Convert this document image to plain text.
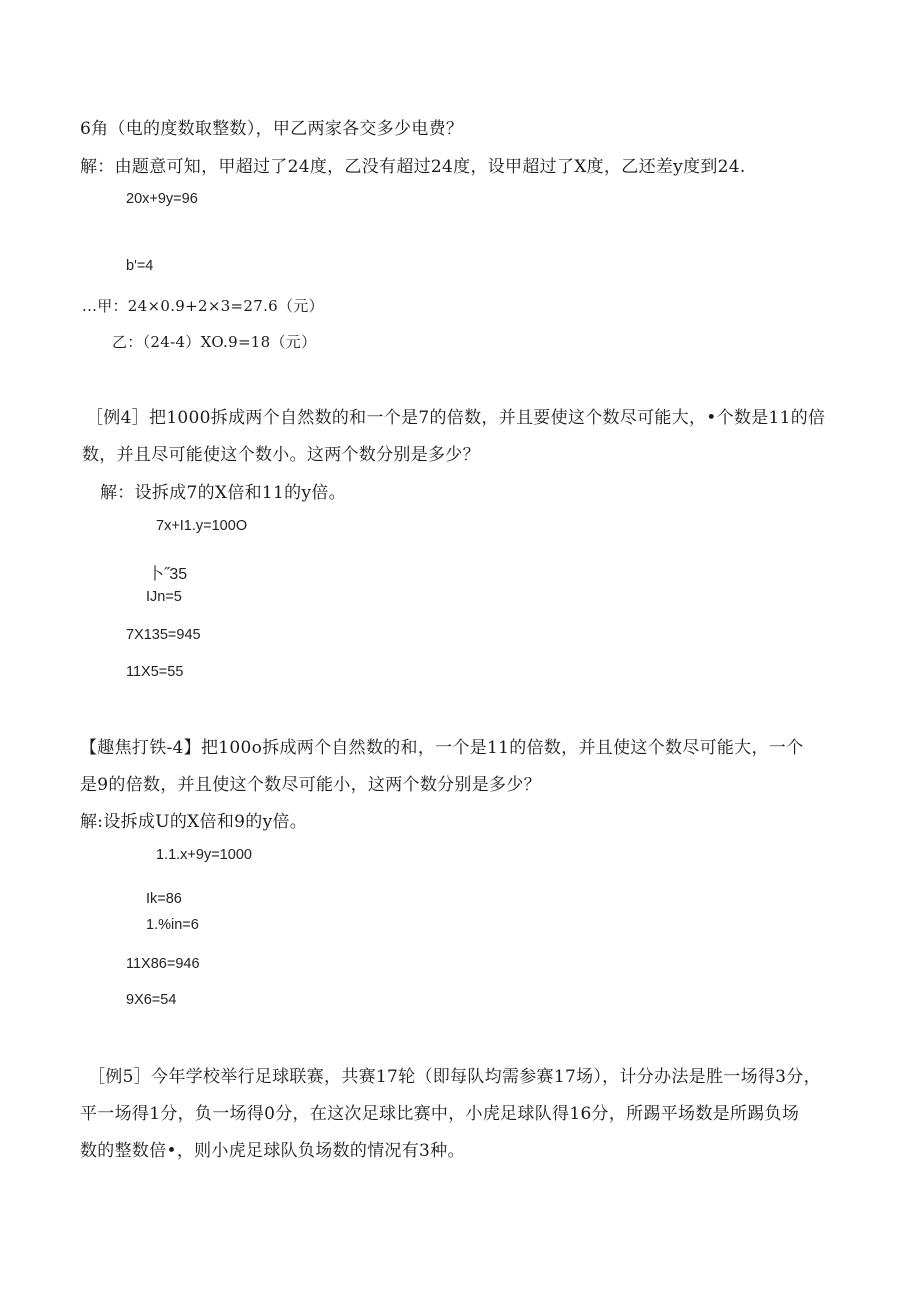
6角（电的度数取整数），甲乙两家各交多少电费？
解：由题意可知，甲超过了24度，乙没有超过24度，设甲超过了X度，乙还差y度到24.
20x+9y=96
b'=4
...甲：24×0.9+2×3=27.6（元）
乙：（24-4）XO.9=18（元）
［例4］把1000拆成两个自然数的和一个是7的倍数，并且要使这个数尽可能大，•个数是11的倍
数，并且尽可能使这个数小。这两个数分别是多少？
解：设拆成7的X倍和11的y倍。
7x+I1.y=100O
卜˝35
IJn=5
7X135=945
11X5=55
【趣焦打铁-4】把100o拆成两个自然数的和，一个是11的倍数，并且使这个数尽可能大，一个
是9的倍数，并且使这个数尽可能小，这两个数分别是多少？
解:设拆成U的X倍和9的y倍。
1.1.x+9y=1000
Ik=86
1.%in=6
11X86=946
9X6=54
［例5］今年学校举行足球联赛，共赛17轮（即每队均需参赛17场），计分办法是胜一场得3分，
平一场得1分，负一场得0分，在这次足球比赛中，小虎足球队得16分，所踢平场数是所踢负场
数的整数倍•，则小虎足球队负场数的情况有3种。
